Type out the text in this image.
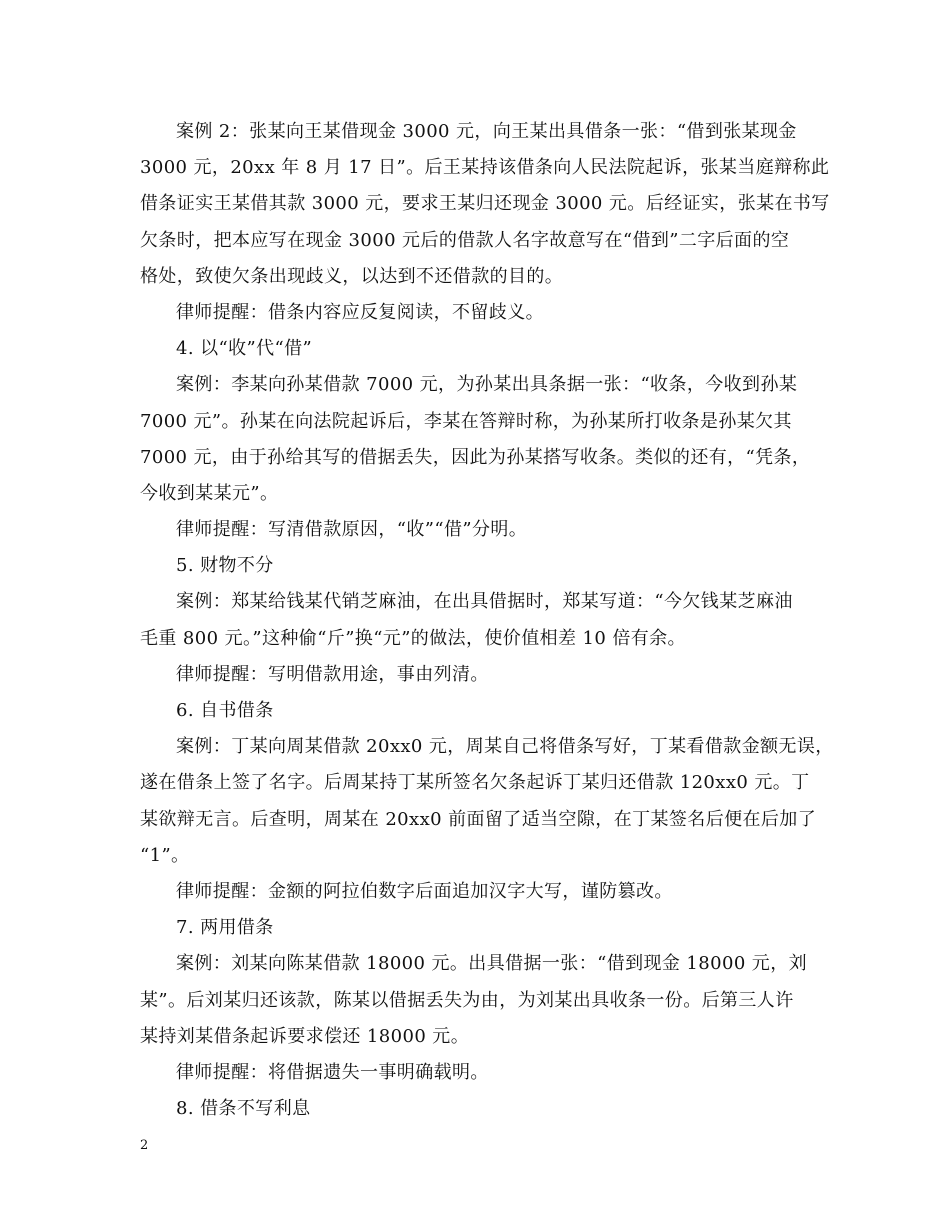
案例 2：张某向王某借现金 3000 元，向王某出具借条一张：“借到张某现金
3000 元，20xx 年 8 月 17 日”。后王某持该借条向人民法院起诉，张某当庭辩称此
借条证实王某借其款 3000 元，要求王某归还现金 3000 元。后经证实，张某在书写
欠条时，把本应写在现金 3000 元后的借款人名字故意写在“借到”二字后面的空
格处，致使欠条出现歧义，以达到不还借款的目的。
律师提醒：借条内容应反复阅读，不留歧义。
4. 以“收”代“借”
案例：李某向孙某借款 7000 元，为孙某出具条据一张：“收条，今收到孙某
7000 元”。孙某在向法院起诉后，李某在答辩时称，为孙某所打收条是孙某欠其
7000 元，由于孙给其写的借据丢失，因此为孙某搭写收条。类似的还有，“凭条，
今收到某某元”。
律师提醒：写清借款原因，“收”“借”分明。
5. 财物不分
案例：郑某给钱某代销芝麻油，在出具借据时，郑某写道：“今欠钱某芝麻油
毛重 800 元。”这种偷“斤”换“元”的做法，使价值相差 10 倍有余。
律师提醒：写明借款用途，事由列清。
6. 自书借条
案例：丁某向周某借款 20xx0 元，周某自己将借条写好，丁某看借款金额无误，
遂在借条上签了名字。后周某持丁某所签名欠条起诉丁某归还借款 120xx0 元。丁
某欲辩无言。后查明，周某在 20xx0 前面留了适当空隙，在丁某签名后便在后加了
“1”。
律师提醒：金额的阿拉伯数字后面追加汉字大写，谨防篡改。
7. 两用借条
案例：刘某向陈某借款 18000 元。出具借据一张：“借到现金 18000 元，刘
某”。后刘某归还该款，陈某以借据丢失为由，为刘某出具收条一份。后第三人许
某持刘某借条起诉要求偿还 18000 元。
律师提醒：将借据遗失一事明确载明。
8. 借条不写利息
2
